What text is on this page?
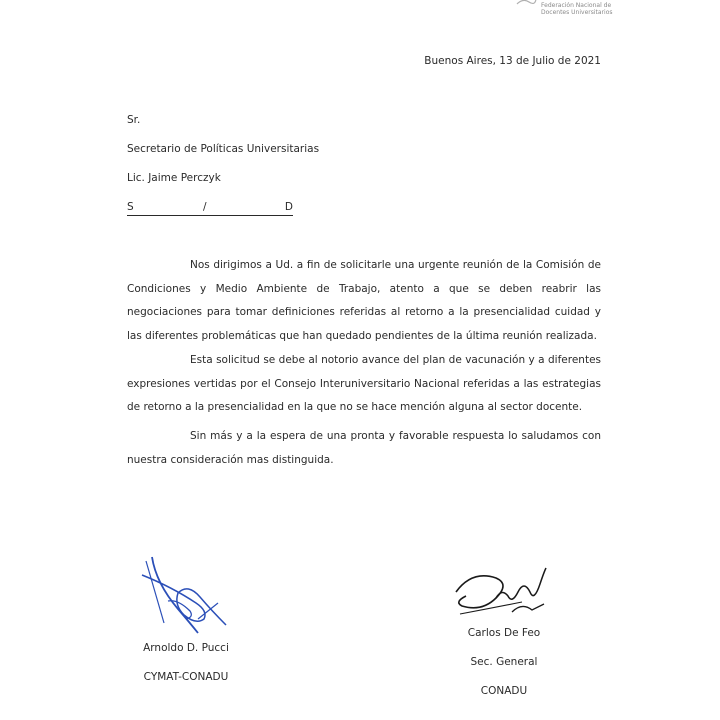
Federación Nacional de
Docentes Universitarios
Buenos Aires, 13 de Julio de 2021
Sr.
Secretario de Políticas Universitarias
Lic. Jaime Perczyk
S	/	D

Nos dirigimos a Ud. a fin de solicitarle una urgente reunión de la Comisión de Condiciones y Medio Ambiente de Trabajo, atento a que se deben reabrir las negociaciones para tomar definiciones referidas al retorno a la presencialidad cuidad y las diferentes problemáticas que han quedado pendientes de la última reunión realizada.

Esta solicitud se debe al notorio avance del plan de vacunación y a diferentes expresiones vertidas por el Consejo Interuniversitario Nacional referidas a las estrategias de retorno a la presencialidad en la que no se hace mención alguna al sector docente.

Sin más y a la espera de una pronta y favorable respuesta lo saludamos con nuestra consideración mas distinguida.

Arnoldo D. Pucci
CYMAT-CONADU
Carlos De Feo
Sec. General
CONADU
